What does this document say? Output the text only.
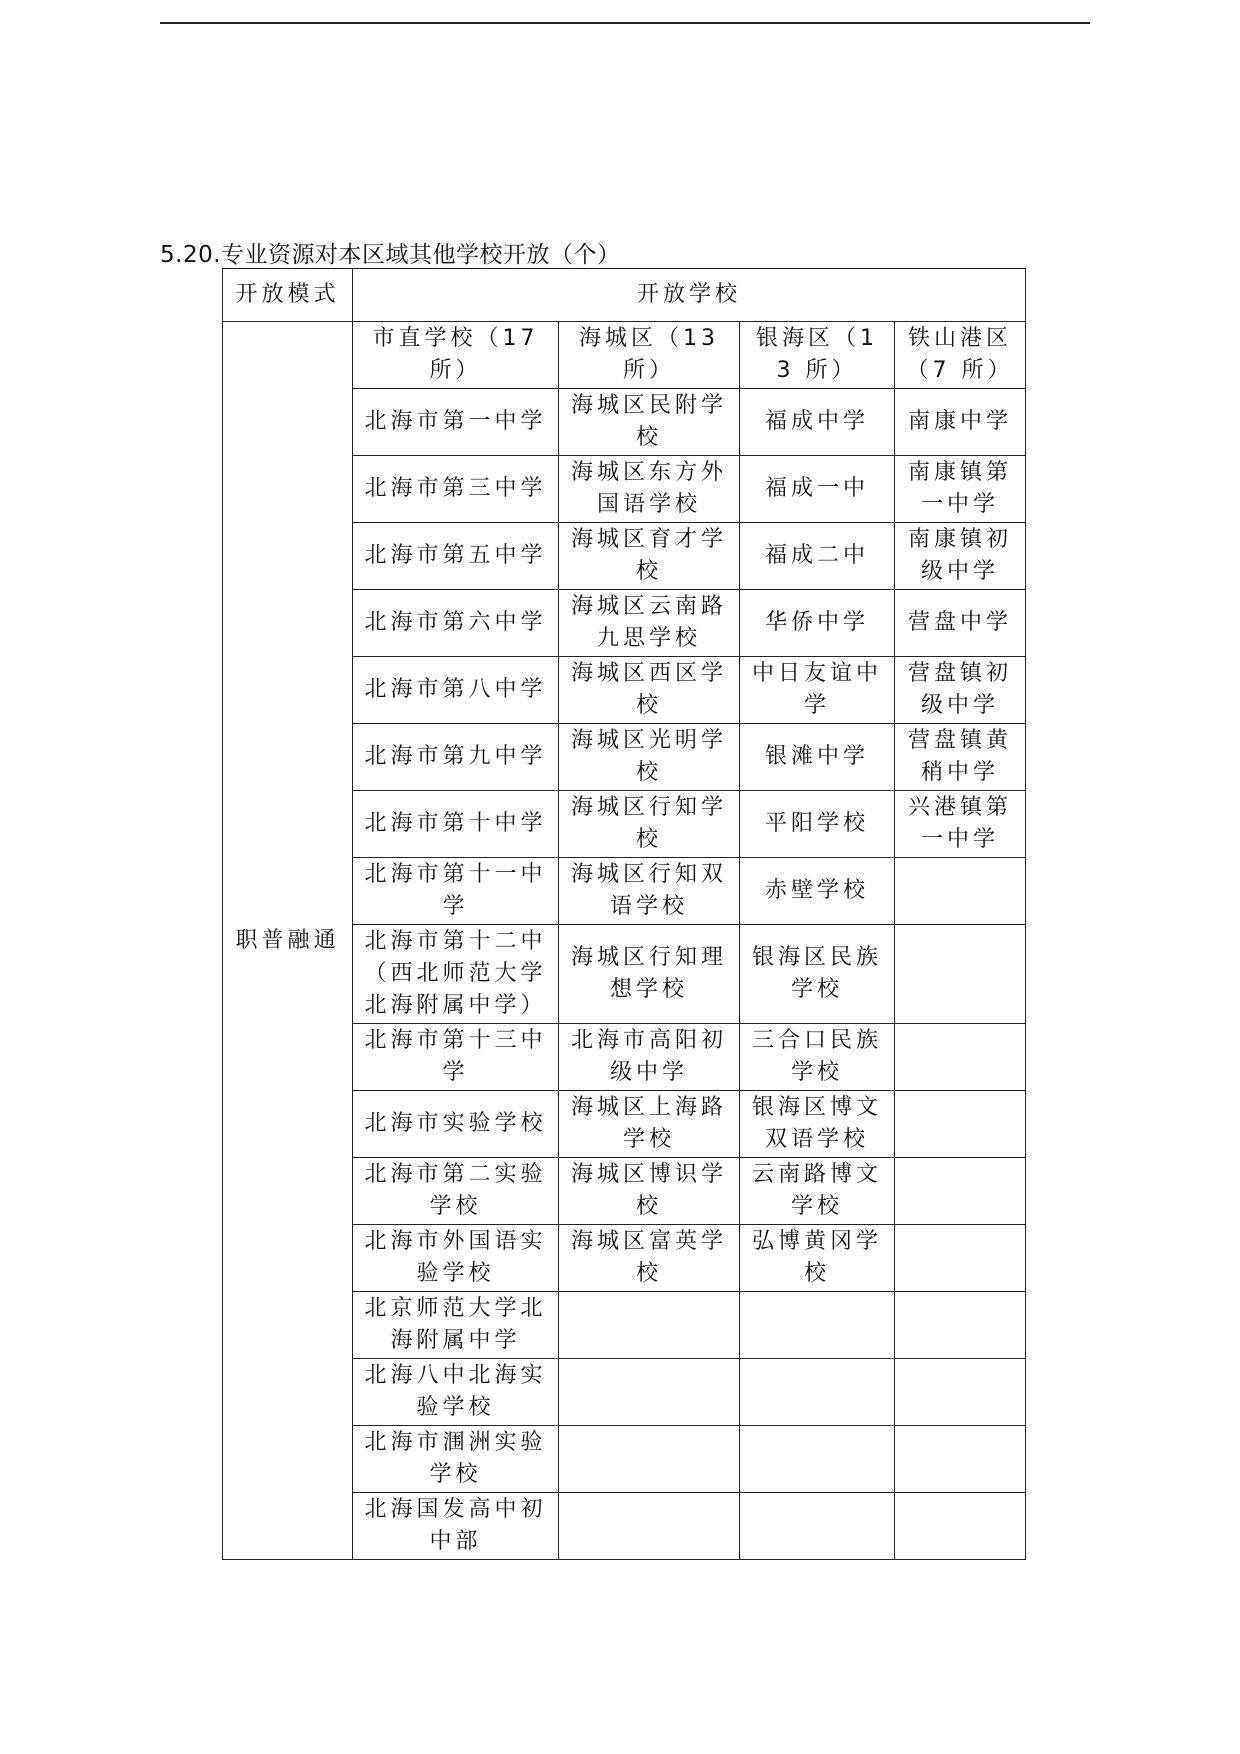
5.20.专业资源对本区域其他学校开放（个）
开放模式	开放学校			
职普融通	市直学校（17 所）	海城区（13 所）	银海区（13 所）	铁山港区（7 所）
	北海市第一中学	海城区民附学校	福成中学	南康中学
	北海市第三中学	海城区东方外国语学校	福成一中	南康镇第一中学
	北海市第五中学	海城区育才学校	福成二中	南康镇初级中学
	北海市第六中学	海城区云南路九思学校	华侨中学	营盘中学
	北海市第八中学	海城区西区学校	中日友谊中学	营盘镇初级中学
	北海市第九中学	海城区光明学校	银滩中学	营盘镇黄稍中学
	北海市第十中学	海城区行知学校	平阳学校	兴港镇第一中学
	北海市第十一中学	海城区行知双语学校	赤壁学校	
	北海市第十二中（西北师范大学北海附属中学）	海城区行知理想学校	银海区民族学校	
	北海市第十三中学	北海市高阳初级中学	三合口民族学校	
	北海市实验学校	海城区上海路学校	银海区博文双语学校	
	北海市第二实验学校	海城区博识学校	云南路博文学校	
	北海市外国语实验学校	海城区富英学校	弘博黄冈学校	
	北京师范大学北海附属中学			
	北海八中北海实验学校			
	北海市涠洲实验学校			
	北海国发高中初中部			
